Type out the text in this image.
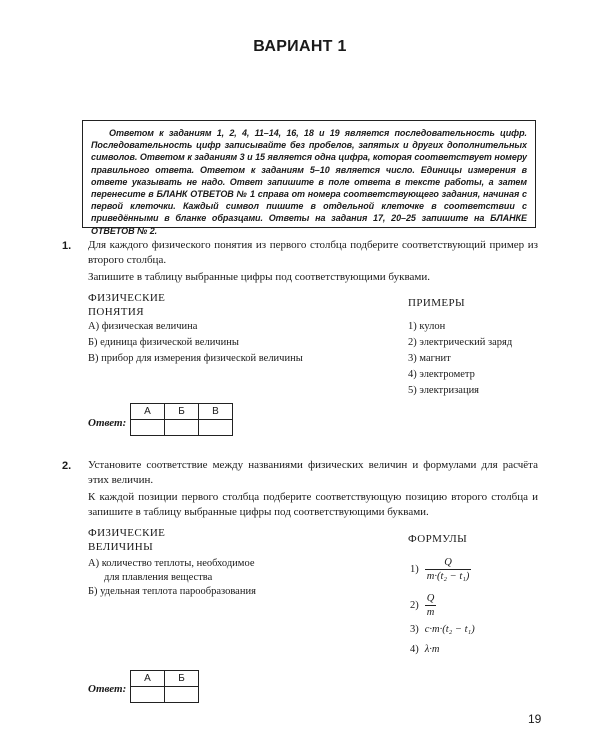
ВАРИАНТ 1
Ответом к заданиям 1, 2, 4, 11–14, 16, 18 и 19 является последовательность цифр. Последовательность цифр записывайте без пробелов, запятых и других дополнительных символов. Ответом к заданиям 3 и 15 является одна цифра, которая соответствует номеру правильного ответа. Ответом к заданиям 5–10 является число. Единицы измерения в ответе указывать не надо. Ответ запишите в поле ответа в тексте работы, а затем перенесите в БЛАНК ОТВЕТОВ № 1 справа от номера соответствующего задания, начиная с первой клеточки. Каждый символ пишите в отдельной клеточке в соответствии с приведёнными в бланке образцами. Ответы на задания 17, 20–25 запишите на БЛАНКЕ ОТВЕТОВ № 2.
1. Для каждого физического понятия из первого столбца подберите соответствующий пример из второго столбца.
Запишите в таблицу выбранные цифры под соответствующими буквами.
ФИЗИЧЕСКИЕ
ПОНЯТИЯ
ПРИМЕРЫ
А) физическая величина
Б) единица физической величины
В) прибор для измерения физической величины
1) кулон
2) электрический заряд
3) магнит
4) электрометр
5) электризация
Ответ:
А	Б	В

2. Установите соответствие между названиями физических величин и формулами для расчёта этих величин.
К каждой позиции первого столбца подберите соответствующую позицию второго столбца и запишите в таблицу выбранные цифры под соответствующими буквами.
ФИЗИЧЕСКИЕ
ВЕЛИЧИНЫ
ФОРМУЛЫ
А) количество теплоты, необходимое
для плавления вещества
Б) удельная теплота парообразования
$1) \frac{Q}{\text{m·(t₂ − t₁)}}$
$2) \frac{Q}{m}$
3) c·m·(t₂ − t₁)
4) λ·m
Ответ:
А	Б

19
